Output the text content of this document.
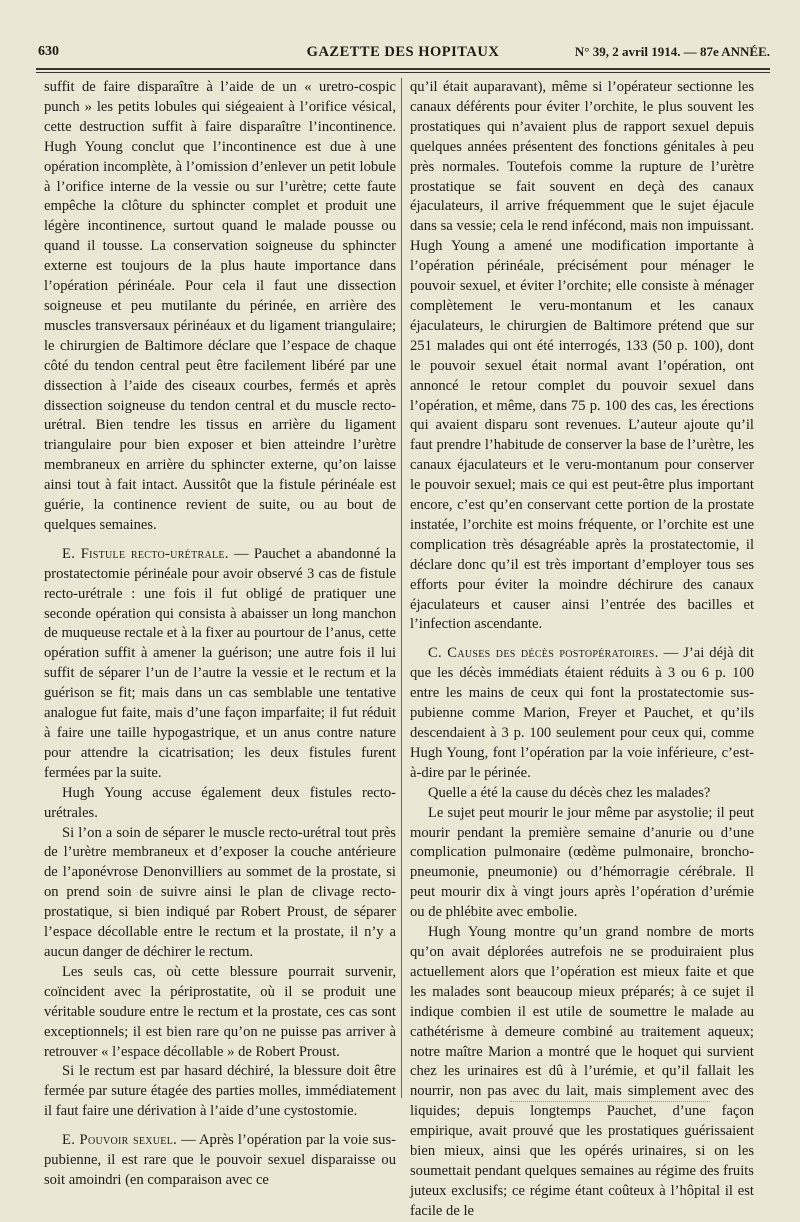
GAZETTE DES HOPITAUX
630	N° 39, 2 avril 1914. — 87e ANNÉE.

suffit de faire disparaître à l’aide de un « uretro-cospic punch » les petits lobules qui siégeaient à l’orifice vésical, cette destruction suffit à faire disparaître l’incontinence. Hugh Young conclut que l’incontinence est due à une opération incomplète, à l’omission d’enlever un petit lobule à l’orifice interne de la vessie ou sur l’urètre; cette faute empêche la clôture du sphincter complet et produit une légère incontinence, surtout quand le malade pousse ou quand il tousse. La conservation soigneuse du sphincter externe est toujours de la plus haute importance dans l’opération périnéale. Pour cela il faut une dissection soigneuse et peu mutilante du périnée, en arrière des muscles transversaux périnéaux et du ligament triangulaire; le chirurgien de Baltimore déclare que l’espace de chaque côté du tendon central peut être facilement libéré par une dissection à l’aide des ciseaux courbes, fermés et après dissection soigneuse du tendon central et du muscle recto-urétral. Bien tendre les tissus en arrière du ligament triangulaire pour bien exposer et bien atteindre l’urètre membraneux en arrière du sphincter externe, qu’on laisse ainsi tout à fait intact. Aussitôt que la fistule périnéale est guérie, la continence revient de suite, ou au bout de quelques semaines.

E. Fistule recto-urétrale. — Pauchet a abandonné la prostatectomie périnéale pour avoir observé 3 cas de fistule recto-urétrale : une fois il fut obligé de pratiquer une seconde opération qui consista à abaisser un long manchon de muqueuse rectale et à la fixer au pourtour de l’anus, cette opération suffit à amener la guérison; une autre fois il lui suffit de séparer l’un de l’autre la vessie et le rectum et la guérison se fit; mais dans un cas semblable une tentative analogue fut faite, mais d’une façon imparfaite; il fut réduit à faire une taille hypogastrique, et un anus contre nature pour attendre la cicatrisation; les deux fistules furent fermées par la suite.

Hugh Young accuse également deux fistules recto-urétrales.

Si l’on a soin de séparer le muscle recto-urétral tout près de l’urètre membraneux et d’exposer la couche antérieure de l’aponévrose Denonvilliers au sommet de la prostate, si on prend soin de suivre ainsi le plan de clivage recto-prostatique, si bien indiqué par Robert Proust, de séparer l’espace décollable entre le rectum et la prostate, il n’y a aucun danger de déchirer le rectum.

Les seuls cas, où cette blessure pourrait survenir, coïncident avec la périprostatite, où il se produit une véritable soudure entre le rectum et la prostate, ces cas sont exceptionnels; il est bien rare qu’on ne puisse pas arriver à retrouver « l’espace décollable » de Robert Proust.

Si le rectum est par hasard déchiré, la blessure doit être fermée par suture étagée des parties molles, immédiatement il faut faire une dérivation à l’aide d’une cystostomie.

E. Pouvoir sexuel. — Après l’opération par la voie sus-pubienne, il est rare que le pouvoir sexuel disparaisse ou soit amoindri (en comparaison avec ce

qu’il était auparavant), même si l’opérateur sectionne les canaux déférents pour éviter l’orchite, le plus souvent les prostatiques qui n’avaient plus de rapport sexuel depuis quelques années présentent des fonctions génitales à peu près normales. Toutefois comme la rupture de l’urètre prostatique se fait souvent en deçà des canaux éjaculateurs, il arrive fréquemment que le sujet éjacule dans sa vessie; cela le rend infécond, mais non impuissant. Hugh Young a amené une modification importante à l’opération périnéale, précisément pour ménager le pouvoir sexuel, et éviter l’orchite; elle consiste à ménager complètement le veru-montanum et les canaux éjaculateurs, le chirurgien de Baltimore prétend que sur 251 malades qui ont été interrogés, 133 (50 p. 100), dont le pouvoir sexuel était normal avant l’opération, ont annoncé le retour complet du pouvoir sexuel dans l’opération, et même, dans 75 p. 100 des cas, les érections qui avaient disparu sont revenues. L’auteur ajoute qu’il faut prendre l’habitude de conserver la base de l’urètre, les canaux éjaculateurs et le veru-montanum pour conserver le pouvoir sexuel; mais ce qui est peut-être plus important encore, c’est qu’en conservant cette portion de la prostate instatée, l’orchite est moins fréquente, or l’orchite est une complication très désagréable après la prostatectomie, il déclare donc qu’il est très important d’employer tous ses efforts pour éviter la moindre déchirure des canaux éjaculateurs et causer ainsi l’entrée des bacilles et l’infection ascendante.

C. Causes des décès postopératoires. — J’ai déjà dit que les décès immédiats étaient réduits à 3 ou 6 p. 100 entre les mains de ceux qui font la prostatectomie sus-pubienne comme Marion, Freyer et Pauchet, et qu’ils descendaient à 3 p. 100 seulement pour ceux qui, comme Hugh Young, font l’opération par la voie inférieure, c’est-à-dire par le périnée.

Quelle a été la cause du décès chez les malades?

Le sujet peut mourir le jour même par asystolie; il peut mourir pendant la première semaine d’anurie ou d’une complication pulmonaire (œdème pulmonaire, broncho-pneumonie, pneumonie) ou d’hémorragie cérébrale. Il peut mourir dix à vingt jours après l’opération d’urémie ou de phlébite avec embolie.

Hugh Young montre qu’un grand nombre de morts qu’on avait déplorées autrefois ne se produiraient plus actuellement alors que l’opération est mieux faite et que les malades sont beaucoup mieux préparés; à ce sujet il indique combien il est utile de soumettre le malade au cathétérisme à demeure combiné au traitement aqueux; notre maître Marion a montré que le hoquet qui survient chez les urinaires est dû à l’urémie, et qu’il fallait les nourrir, non pas avec du lait, mais simplement avec des liquides; depuis longtemps Pauchet, d’une façon empirique, avait prouvé que les prostatiques guérissaient bien mieux, ainsi que les opérés urinaires, si on les soumettait pendant quelques semaines au régime des fruits juteux exclusifs; ce régime étant coûteux à l’hôpital il est facile de le
